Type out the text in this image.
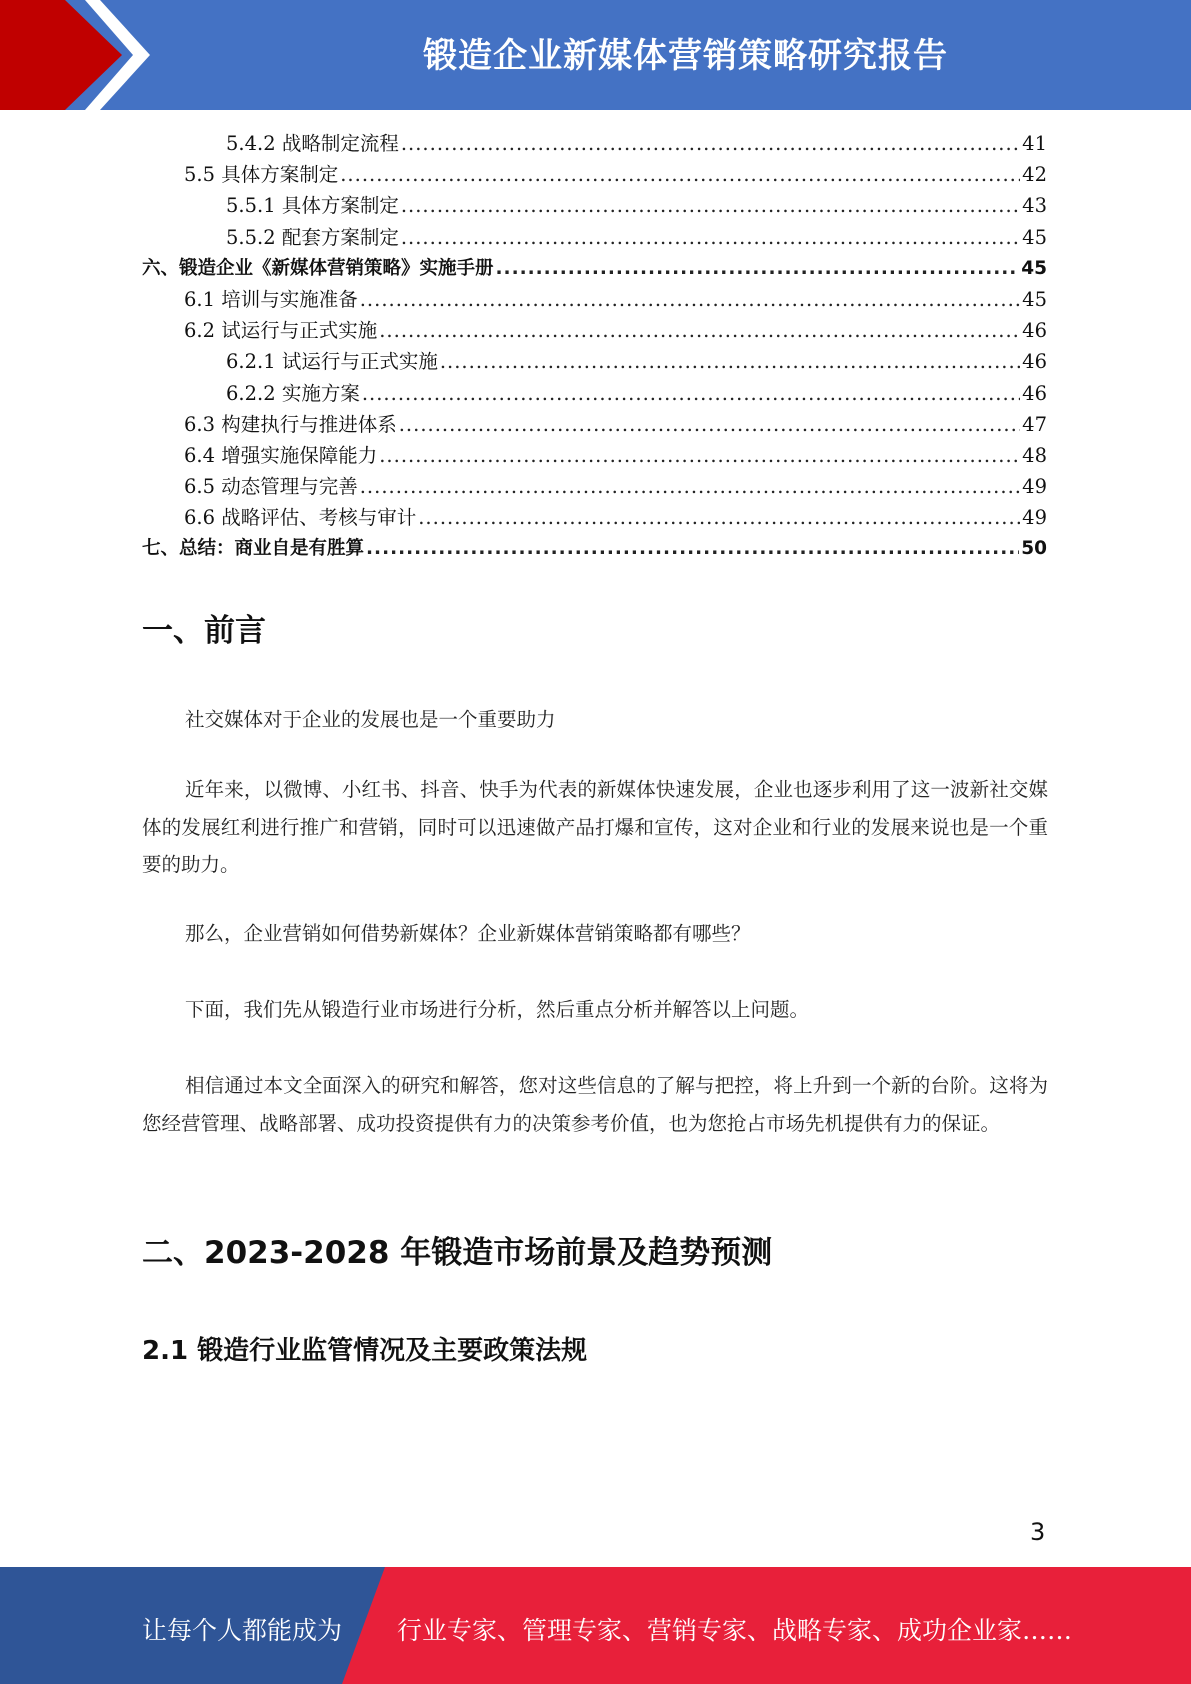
锻造企业新媒体营销策略研究报告
5.4.2 战略制定流程 .....	41
5.5 具体方案制定 .....	42
5.5.1 具体方案制定 .....	43
5.5.2 配套方案制定 .....	45
六、锻造企业《新媒体营销策略》实施手册 .....	45
6.1 培训与实施准备 .....	45
6.2 试运行与正式实施 .....	46
6.2.1 试运行与正式实施 .....	46
6.2.2 实施方案 .....	46
6.3 构建执行与推进体系 .....	47
6.4 增强实施保障能力 .....	48
6.5 动态管理与完善 .....	49
6.6 战略评估、考核与审计 .....	49
七、总结：商业自是有胜算 .....	50
一、前言
社交媒体对于企业的发展也是一个重要助力
近年来，以微博、小红书、抖音、快手为代表的新媒体快速发展，企业也逐步利用了这一波新社交媒体的发展红利进行推广和营销，同时可以迅速做产品打爆和宣传，这对企业和行业的发展来说也是一个重要的助力。
那么，企业营销如何借势新媒体？企业新媒体营销策略都有哪些？
下面，我们先从锻造行业市场进行分析，然后重点分析并解答以上问题。
相信通过本文全面深入的研究和解答，您对这些信息的了解与把控，将上升到一个新的台阶。这将为您经营管理、战略部署、成功投资提供有力的决策参考价值，也为您抢占市场先机提供有力的保证。
二、2023-2028 年锻造市场前景及趋势预测
2.1 锻造行业监管情况及主要政策法规
3
让每个人都能成为 行业专家、管理专家、营销专家、战略专家、成功企业家……
